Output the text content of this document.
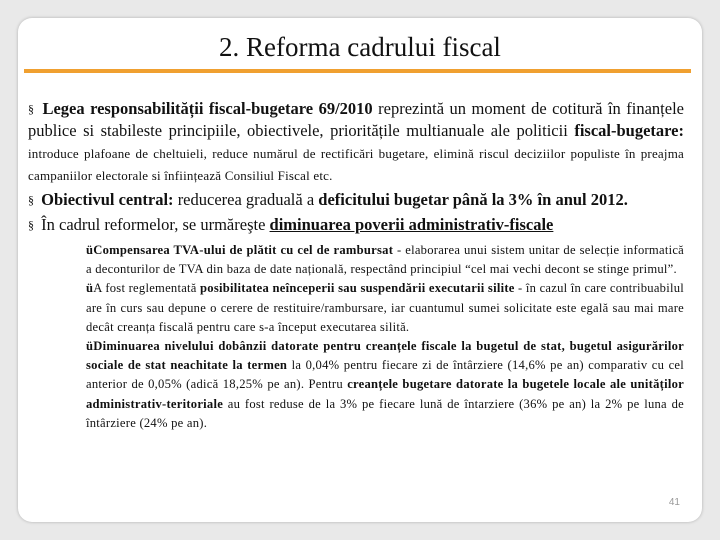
2. Reforma cadrului fiscal

§ Legea responsabilității fiscal-bugetare 69/2010 reprezintă un moment de cotitură în finanțele publice si stabileste principiile, obiectivele, prioritățile multianuale ale politicii fiscal-bugetare: introduce plafoane de cheltuieli, reduce numărul de rectificări bugetare, elimină riscul deciziilor populiste în preajma campaniilor electorale si înființează Consiliul Fiscal etc.

§ Obiectivul central: reducerea graduală a deficitului bugetar până la 3% în anul 2012.

§ În cadrul reformelor, se urmăreşte diminuarea poverii administrativ-fiscale

üCompensarea TVA-ului de plătit cu cel de rambursat - elaborarea unui sistem unitar de selecție informatică a deconturilor de TVA din baza de date națională, respectând principiul “cel mai vechi decont se stinge primul”.
üA fost reglementată posibilitatea neînceperii sau suspendării executarii silite - în cazul în care contribuabilul are în curs sau depune o cerere de restituire/rambursare, iar cuantumul sumei solicitate este egală sau mai mare decât creanța fiscală pentru care s-a început executarea silită.
üDiminuarea nivelului dobânzii datorate pentru creanțele fiscale la bugetul de stat, bugetul asigurărilor sociale de stat neachitate la termen la 0,04% pentru fiecare zi de întârziere (14,6% pe an) comparativ cu cel anterior de 0,05% (adică 18,25% pe an). Pentru creanțele bugetare datorate la bugetele locale ale unităților administrativ-teritoriale au fost reduse de la 3% pe fiecare lună de întarziere (36% pe an) la 2% pe luna de întârziere (24% pe an).
41
